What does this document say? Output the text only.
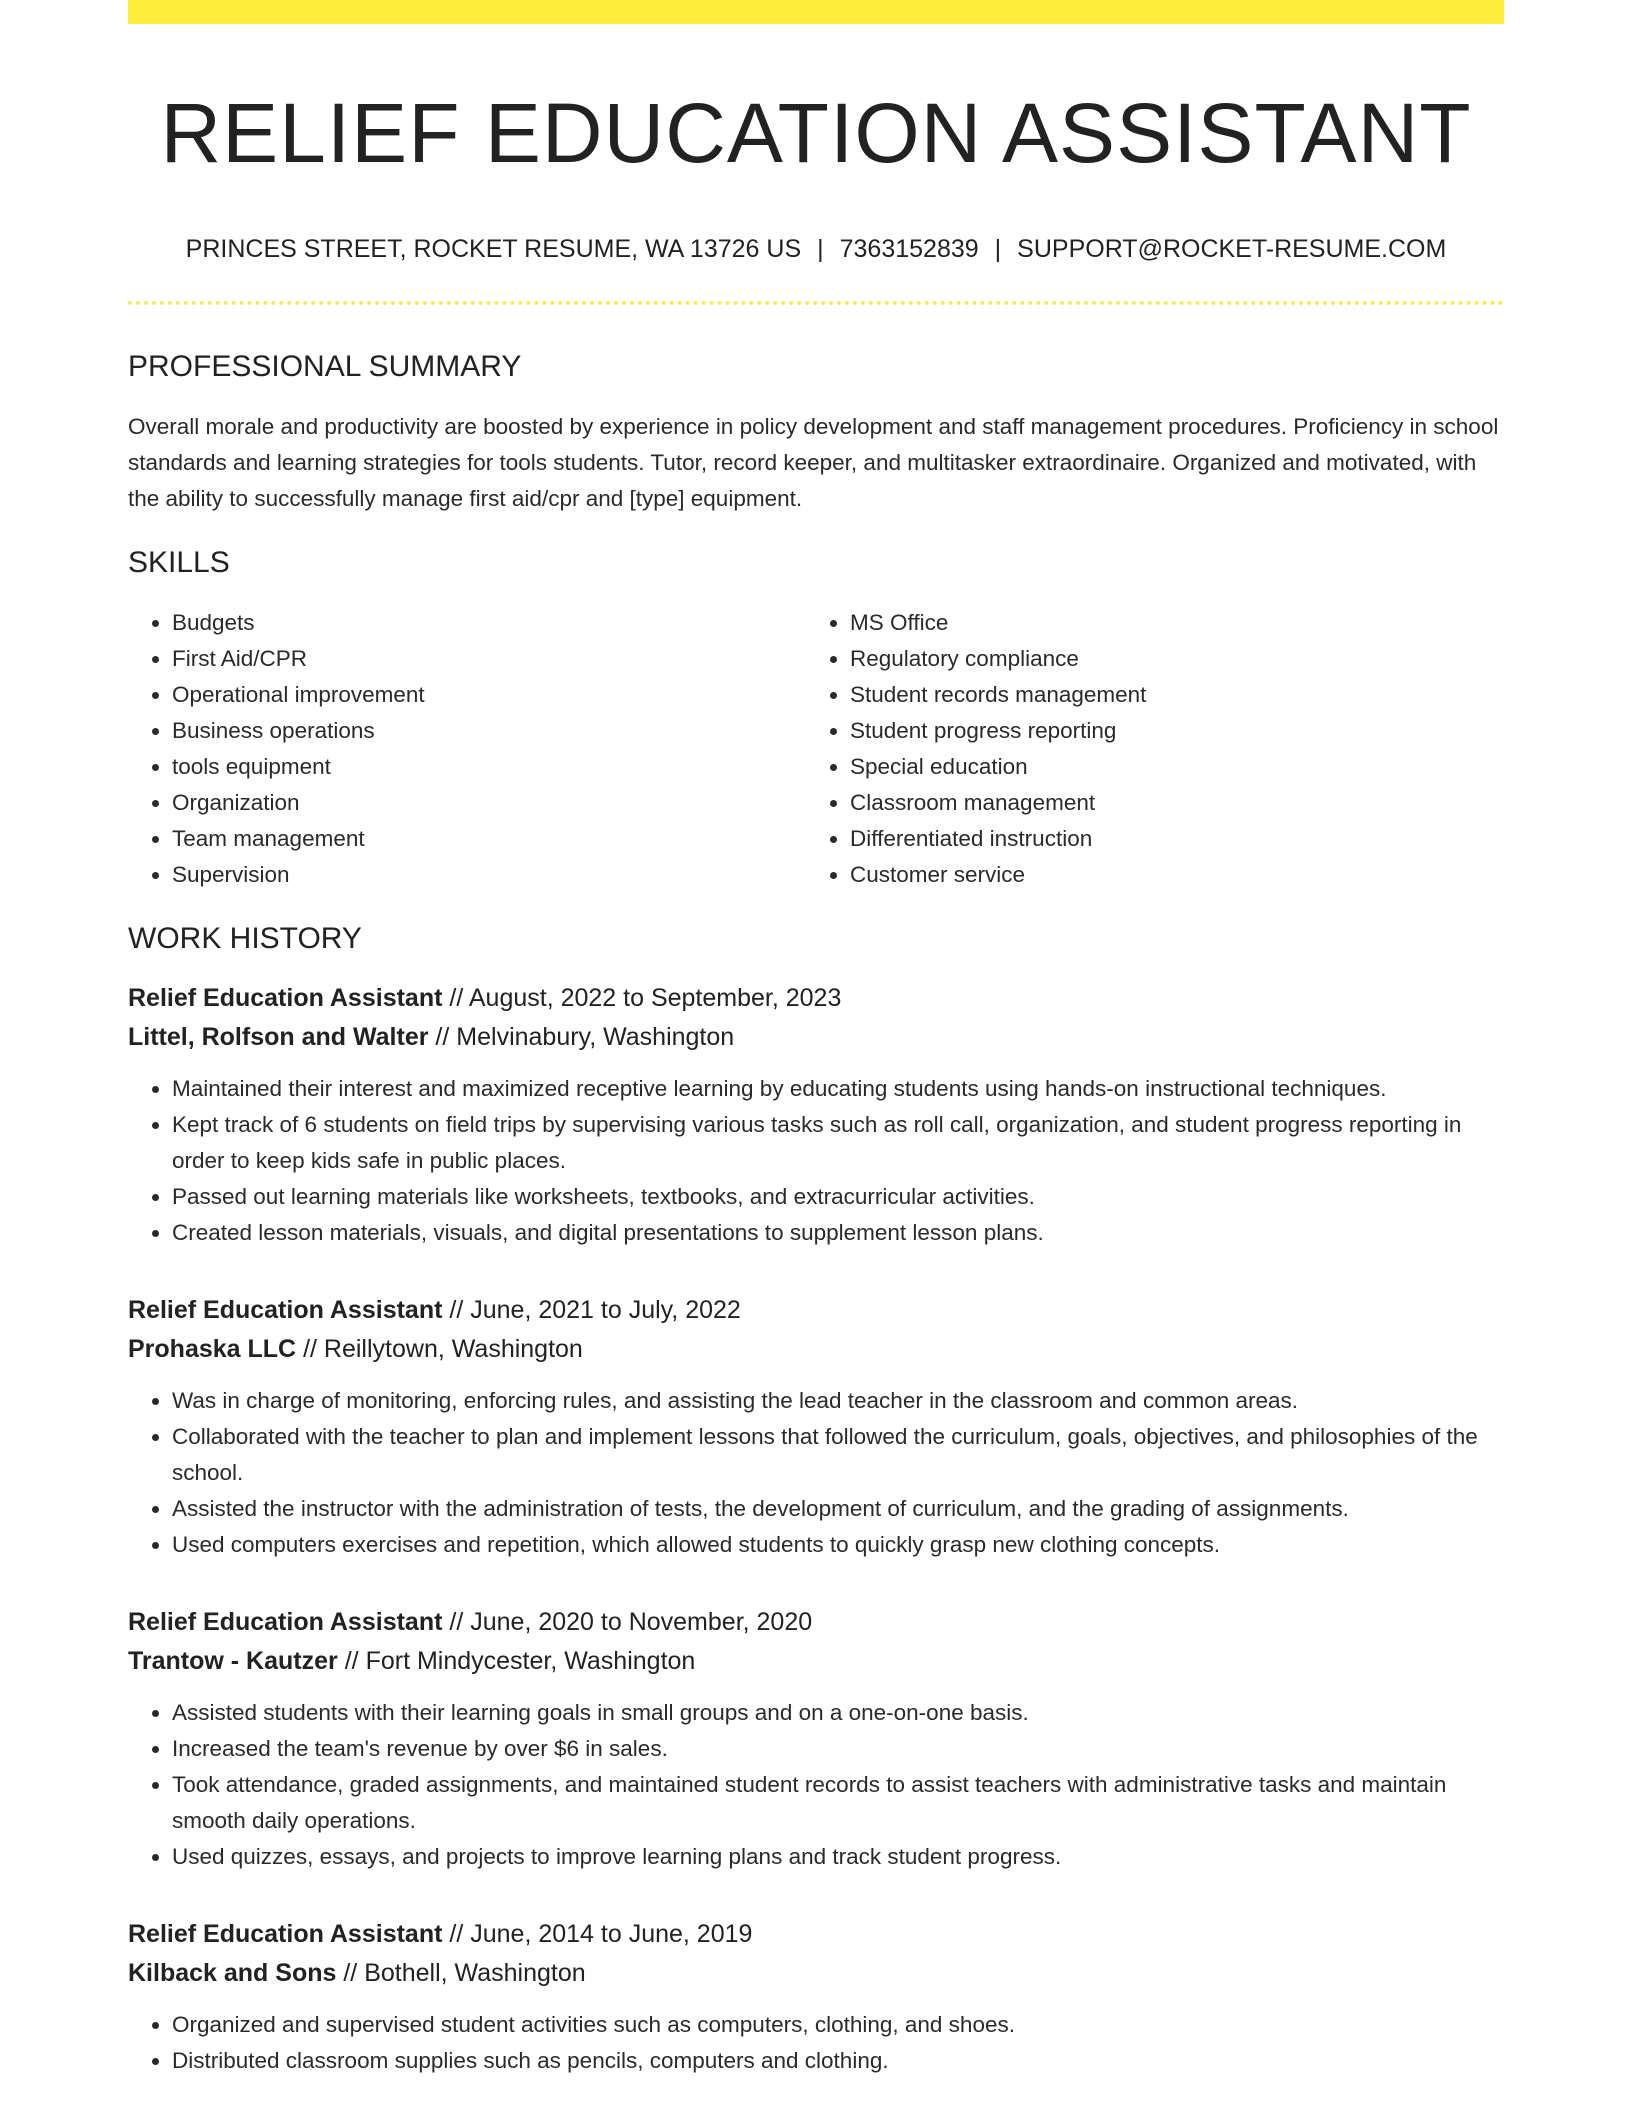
RELIEF EDUCATION ASSISTANT
PRINCES STREET, ROCKET RESUME, WA 13726 US | 7363152839 | SUPPORT@ROCKET-RESUME.COM
PROFESSIONAL SUMMARY
Overall morale and productivity are boosted by experience in policy development and staff management procedures. Proficiency in school standards and learning strategies for tools students. Tutor, record keeper, and multitasker extraordinaire. Organized and motivated, with the ability to successfully manage first aid/cpr and [type] equipment.
SKILLS
• Budgets
• First Aid/CPR
• Operational improvement
• Business operations
• tools equipment
• Organization
• Team management
• Supervision
• MS Office
• Regulatory compliance
• Student records management
• Student progress reporting
• Special education
• Classroom management
• Differentiated instruction
• Customer service
WORK HISTORY
Relief Education Assistant // August, 2022 to September, 2023
Littel, Rolfson and Walter // Melvinabury, Washington
• Maintained their interest and maximized receptive learning by educating students using hands-on instructional techniques.
• Kept track of 6 students on field trips by supervising various tasks such as roll call, organization, and student progress reporting in order to keep kids safe in public places.
• Passed out learning materials like worksheets, textbooks, and extracurricular activities.
• Created lesson materials, visuals, and digital presentations to supplement lesson plans.
Relief Education Assistant // June, 2021 to July, 2022
Prohaska LLC // Reillytown, Washington
• Was in charge of monitoring, enforcing rules, and assisting the lead teacher in the classroom and common areas.
• Collaborated with the teacher to plan and implement lessons that followed the curriculum, goals, objectives, and philosophies of the school.
• Assisted the instructor with the administration of tests, the development of curriculum, and the grading of assignments.
• Used computers exercises and repetition, which allowed students to quickly grasp new clothing concepts.
Relief Education Assistant // June, 2020 to November, 2020
Trantow - Kautzer // Fort Mindycester, Washington
• Assisted students with their learning goals in small groups and on a one-on-one basis.
• Increased the team's revenue by over $6 in sales.
• Took attendance, graded assignments, and maintained student records to assist teachers with administrative tasks and maintain smooth daily operations.
• Used quizzes, essays, and projects to improve learning plans and track student progress.
Relief Education Assistant // June, 2014 to June, 2019
Kilback and Sons // Bothell, Washington
• Organized and supervised student activities such as computers, clothing, and shoes.
• Distributed classroom supplies such as pencils, computers and clothing.
